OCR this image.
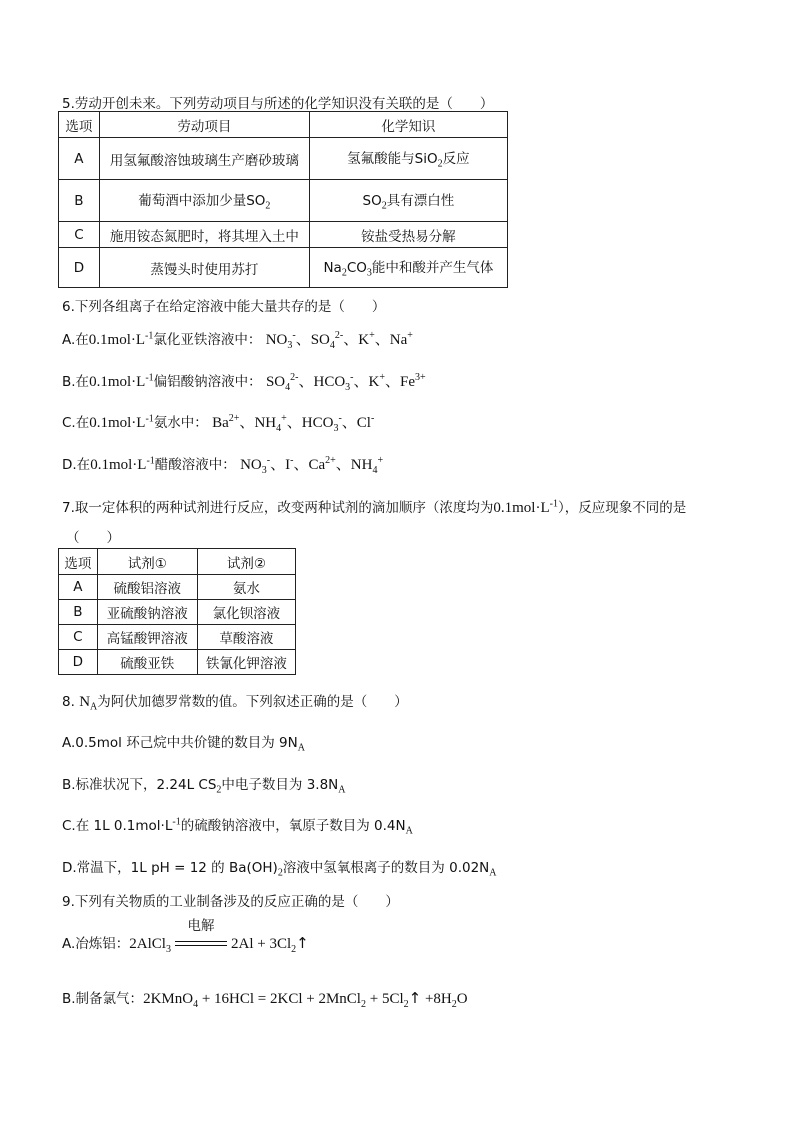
5.劳动开创未来。下列劳动项目与所述的化学知识没有关联的是（　　）
选项	劳动项目	化学知识
A	用氢氟酸溶蚀玻璃生产磨砂玻璃	氢氟酸能与SiO$_2$反应
B	葡萄酒中添加少量$SO_2$	$SO_2$具有漂白性
C	施用铵态氮肥时，将其埋入土中	铵盐受热易分解
D	蒸馒头时使用苏打	$Na_2CO_3$能中和酸并产生气体
6.下列各组离子在给定溶液中能大量共存的是（　　）
A.在$0.1mol\cdot L^{-1}$氯化亚铁溶液中： $NO_3^-$、$SO_4^{2-}$、K+、Na+
B.在$0.1mol\cdot L^{-1}$偏铝酸钠溶液中： $SO_4^{2-}$、$HCO_3^-$、K+、$Fe^{3+}$
C.在$0.1mol\cdot L^{-1}$氨水中： $Ba^{2+}$、$NH_4^+$、$HCO_3^-$、Cl-
D.在$0.1mol\cdot L^{-1}$醋酸溶液中： $NO_3^-$、I-、$Ca^{2+}$、$NH_4^+$
7.取一定体积的两种试剂进行反应，改变两种试剂的滴加顺序（浓度均为$0.1mol\cdot L^{-1}$），反应现象不同的是
（　　）
选项	试剂①	试剂②
A	硫酸铝溶液	氨水
B	亚硫酸钠溶液	氯化钡溶液
C	高锰酸钾溶液	草酸溶液
D	硫酸亚铁	铁氰化钾溶液
8. $N_A$为阿伏加德罗常数的值。下列叙述正确的是（　　）
A.0.5mol 环己烷中共价键的数目为 $9N_A$
B.标准状况下，2.24L $CS_2$中电子数目为 $3.8N_A$
C.在 1L $0.1mol\cdot L^{-1}$的硫酸钠溶液中，氧原子数目为 $0.4N_A$
D.常温下，1L pH = 12 的 $Ba(OH)_2$溶液中氢氧根离子的数目为 $0.02N_A$
9.下列有关物质的工业制备涉及的反应正确的是（　　）
A.冶炼铝：2AlCl$_3$
电解
$2Al + 3Cl_2↑$
B.制备氯气：2KMnO$_4$ + 16HCl = 2KCl + 2MnCl$_2$ + $5Cl_2↑ +8H_2O$
